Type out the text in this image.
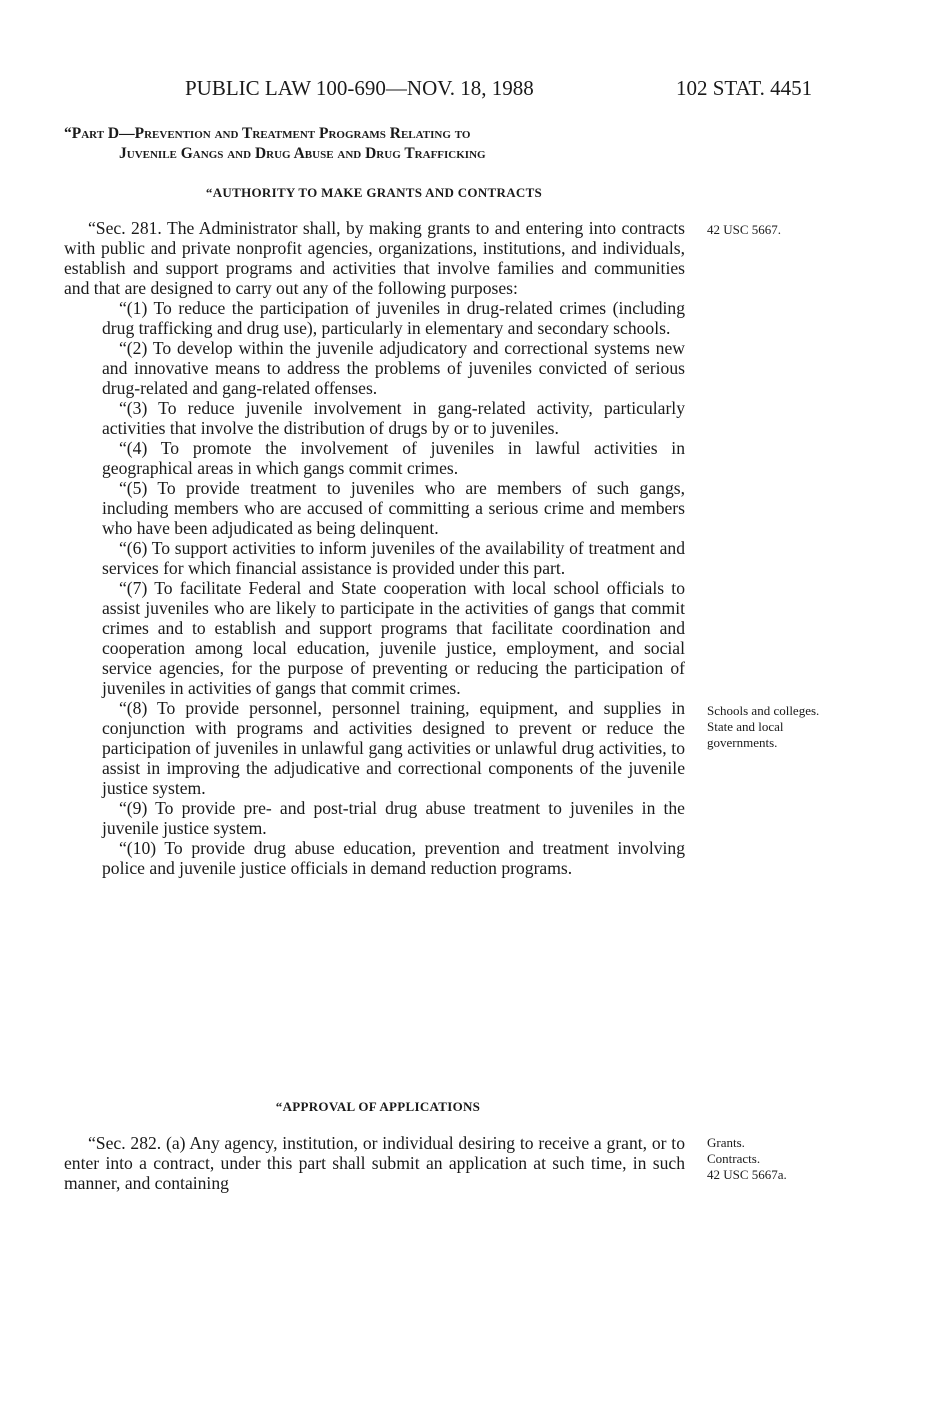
PUBLIC LAW 100-690—NOV. 18, 1988	102 STAT. 4451
“Part D—Prevention and Treatment Programs Relating to
Juvenile Gangs and Drug Abuse and Drug Trafficking
“AUTHORITY TO MAKE GRANTS AND CONTRACTS

“Sec. 281. The Administrator shall, by making grants to and entering into contracts with public and private nonprofit agencies, organizations, institutions, and individuals, establish and support programs and activities that involve families and communities and that are designed to carry out any of the following purposes:

“(1) To reduce the participation of juveniles in drug-related crimes (including drug trafficking and drug use), particularly in elementary and secondary schools.

“(2) To develop within the juvenile adjudicatory and correctional systems new and innovative means to address the problems of juveniles convicted of serious drug-related and gang-related offenses.

“(3) To reduce juvenile involvement in gang-related activity, particularly activities that involve the distribution of drugs by or to juveniles.

“(4) To promote the involvement of juveniles in lawful activities in geographical areas in which gangs commit crimes.

“(5) To provide treatment to juveniles who are members of such gangs, including members who are accused of committing a serious crime and members who have been adjudicated as being delinquent.

“(6) To support activities to inform juveniles of the availability of treatment and services for which financial assistance is provided under this part.

“(7) To facilitate Federal and State cooperation with local school officials to assist juveniles who are likely to participate in the activities of gangs that commit crimes and to establish and support programs that facilitate coordination and cooperation among local education, juvenile justice, employment, and social service agencies, for the purpose of preventing or reducing the participation of juveniles in activities of gangs that commit crimes.

“(8) To provide personnel, personnel training, equipment, and supplies in conjunction with programs and activities designed to prevent or reduce the participation of juveniles in unlawful gang activities or unlawful drug activities, to assist in improving the adjudicative and correctional components of the juvenile justice system.

“(9) To provide pre- and post-trial drug abuse treatment to juveniles in the juvenile justice system.

“(10) To provide drug abuse education, prevention and treatment involving police and juvenile justice officials in demand reduction programs.

“APPROVAL OF APPLICATIONS

“Sec. 282. (a) Any agency, institution, or individual desiring to receive a grant, or to enter into a contract, under this part shall submit an application at such time, in such manner, and containing

42 USC 5667.
Schools and colleges.
State and local governments.
Grants.
Contracts.
42 USC 5667a.
